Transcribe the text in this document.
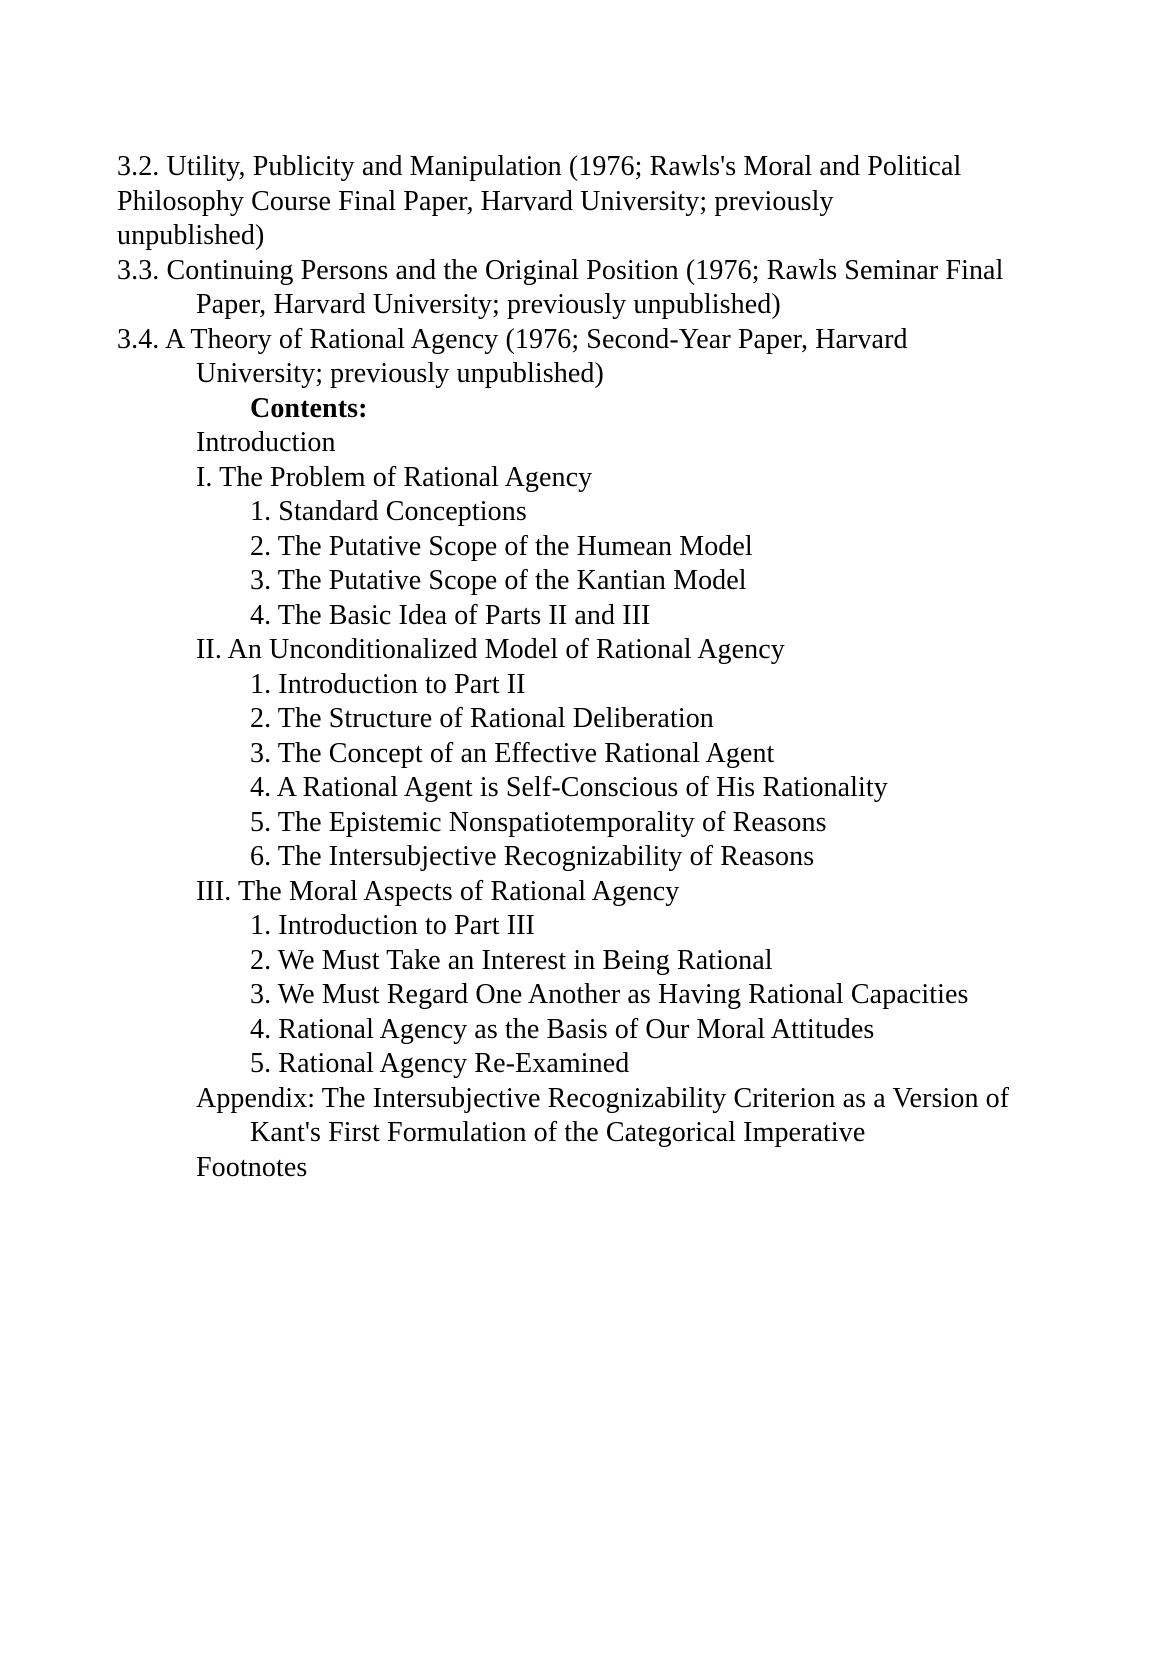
3.2. Utility, Publicity and Manipulation (1976; Rawls's Moral and Political
Philosophy Course Final Paper, Harvard University; previously
unpublished)
3.3. Continuing Persons and the Original Position (1976; Rawls Seminar Final
Paper, Harvard University; previously unpublished)
3.4. A Theory of Rational Agency (1976; Second-Year Paper, Harvard
University; previously unpublished)
Contents:
Introduction
I. The Problem of Rational Agency
1. Standard Conceptions
2. The Putative Scope of the Humean Model
3. The Putative Scope of the Kantian Model
4. The Basic Idea of Parts II and III
II. An Unconditionalized Model of Rational Agency
1. Introduction to Part II
2. The Structure of Rational Deliberation
3. The Concept of an Effective Rational Agent
4. A Rational Agent is Self-Conscious of His Rationality
5. The Epistemic Nonspatiotemporality of Reasons
6. The Intersubjective Recognizability of Reasons
III. The Moral Aspects of Rational Agency
1. Introduction to Part III
2. We Must Take an Interest in Being Rational
3. We Must Regard One Another as Having Rational Capacities
4. Rational Agency as the Basis of Our Moral Attitudes
5. Rational Agency Re-Examined
Appendix: The Intersubjective Recognizability Criterion as a Version of
Kant's First Formulation of the Categorical Imperative
Footnotes
